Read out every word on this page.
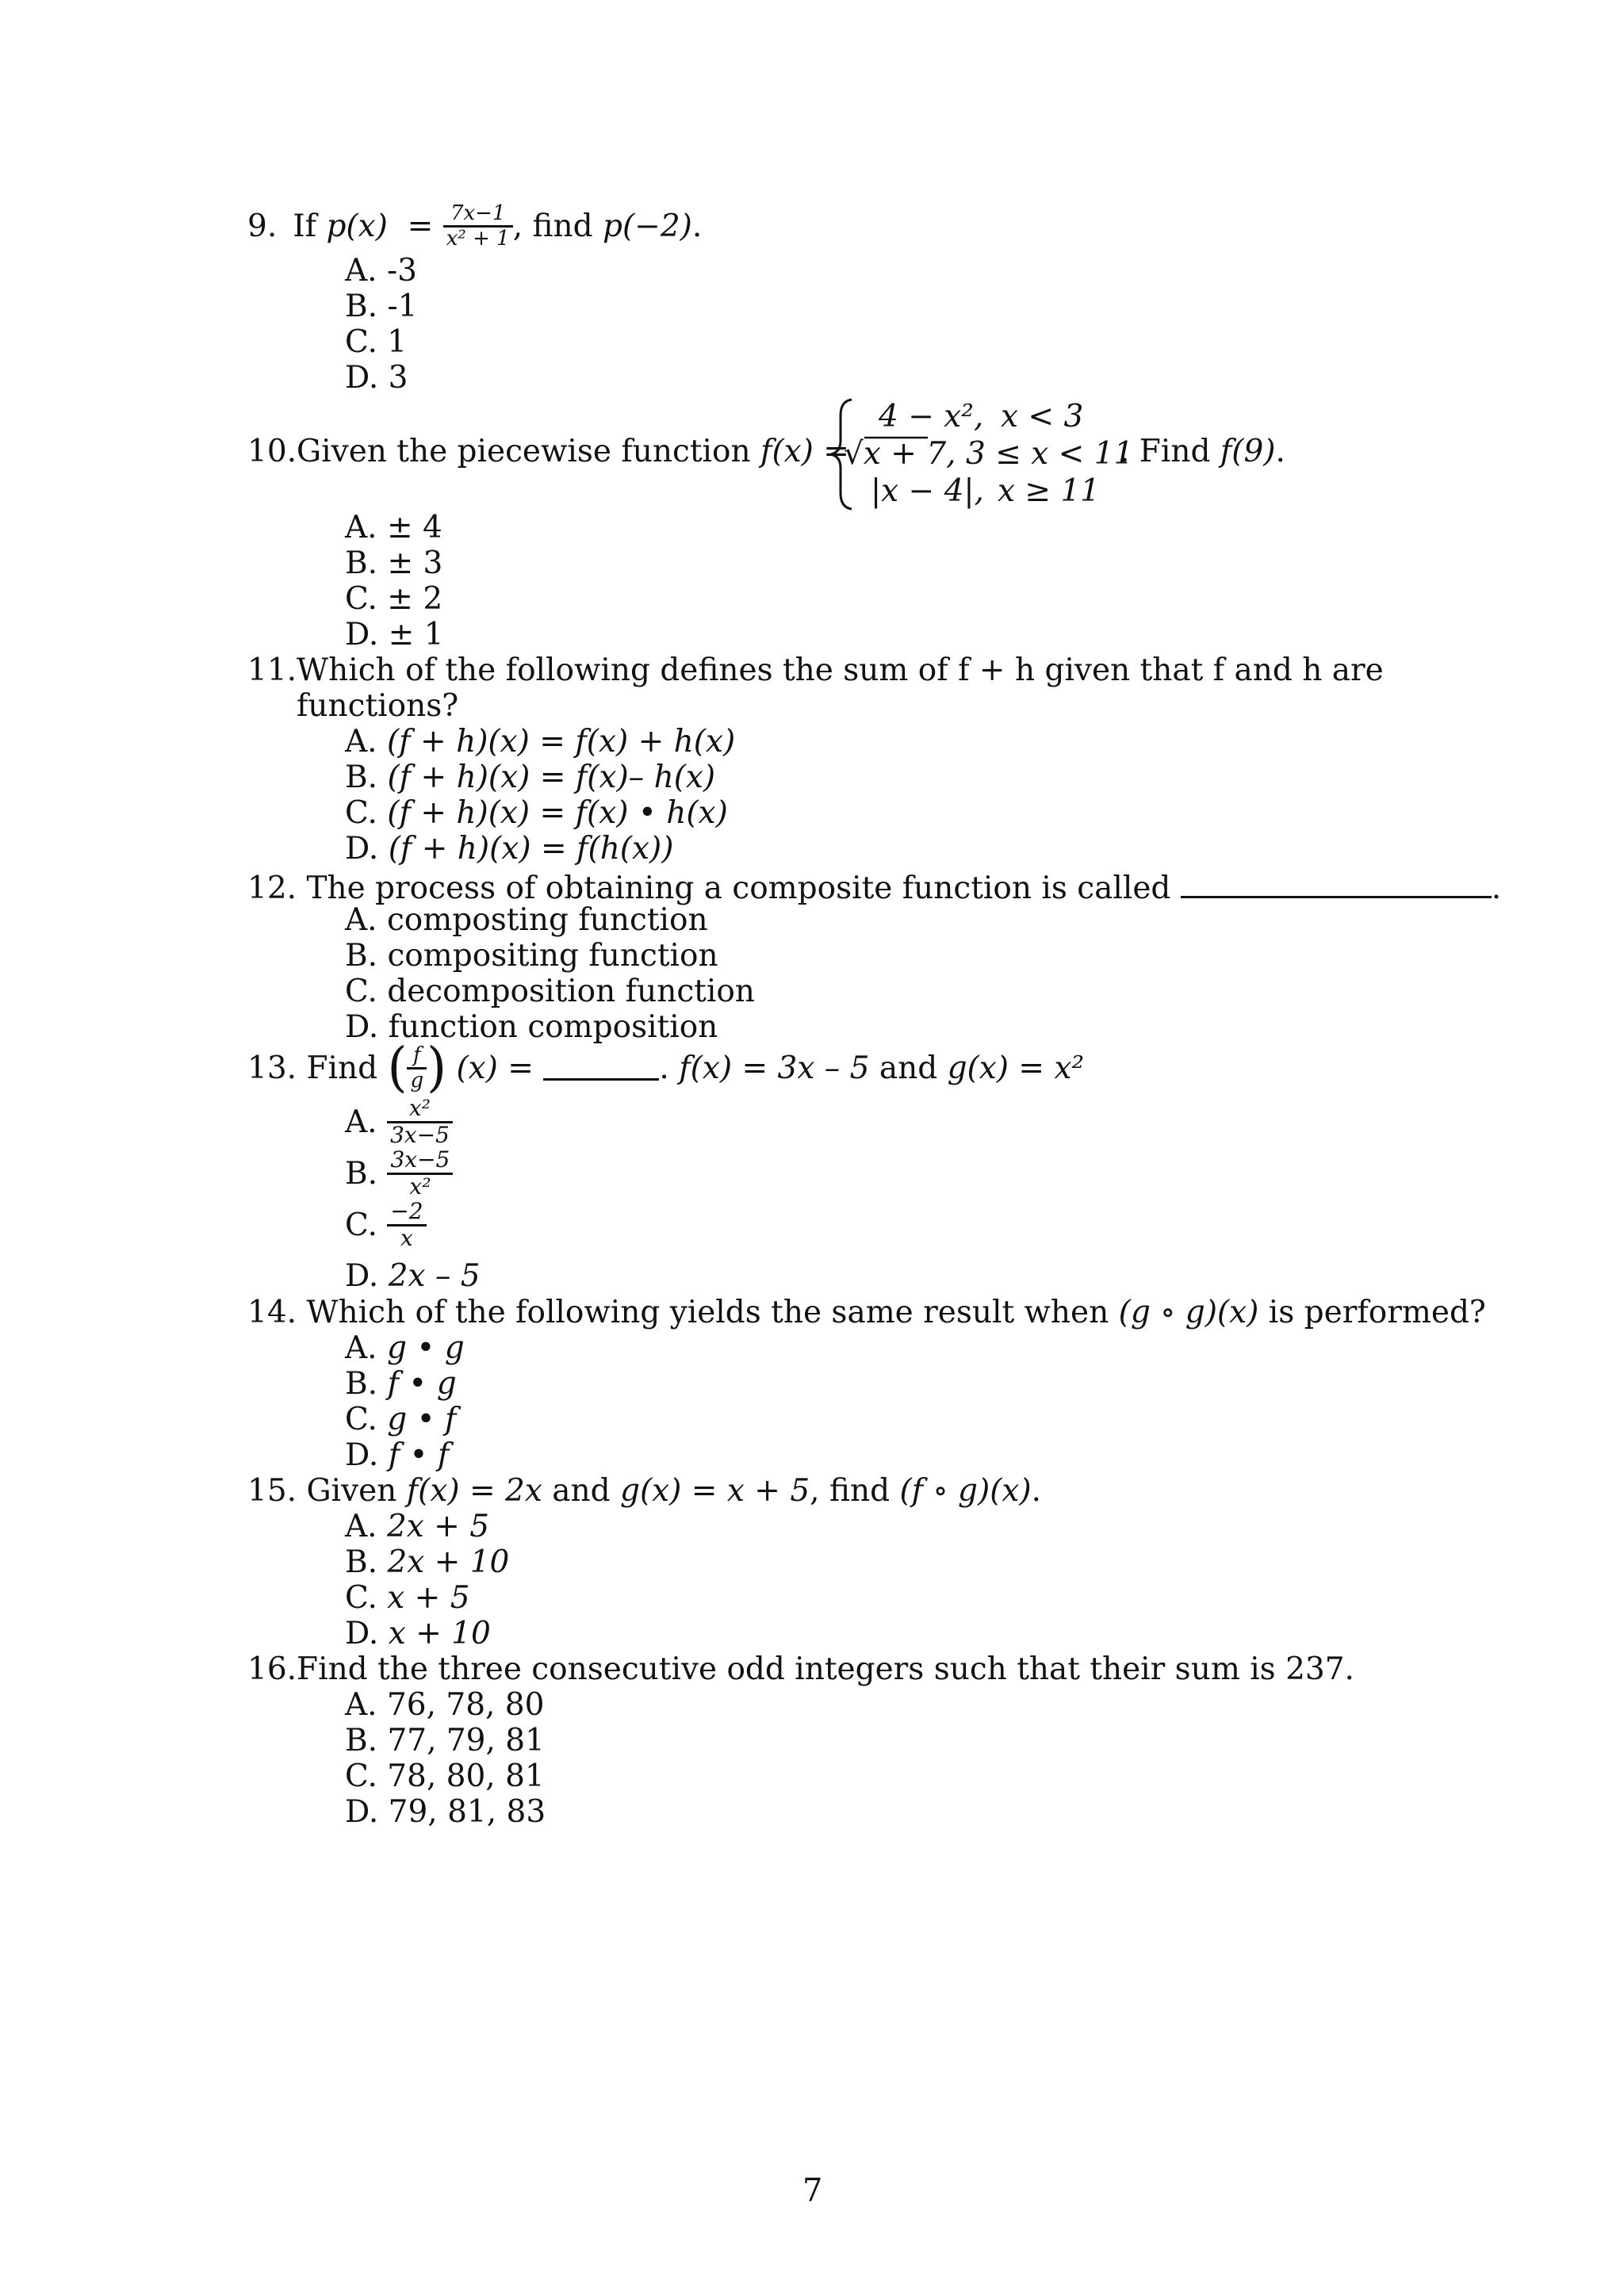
9. If
p(x)
=
$\frac{7x-1}{\text{x² + 1}}$ , find
p(−2) .
A. -3
B. -1
C. 1
D. 3
10.Given the piecewise function f(x) =
4 − x², x < 3
√x + 7, 3 ≤ x < 11
|x − 4|, x ≥ 11
. Find f(9).
A. ± 4
B. ± 3
C. ± 2
D. ± 1
11.Which of the following defines the sum of f + h given that f and h are
functions?
A. (f + h)(x) = f(x) + h(x)
B. (f + h)(x) = f(x)– h(x)
C. (f + h)(x) = f(x) • h(x)
D. (f + h)(x) = f(h(x))
12. The process of obtaining a composite function is called	.
A. composting function
B. compositing function
C. decomposition function
D. function composition
13.
Find
( $\frac{f}{g}$ )
(x) =
	.
f(x) = 3x – 5
and
g(x) = x²
A.
$\frac{\text{x²}}{3x-5}$
B.
$\frac{3x-5}{\text{x²}}$
C.
$\frac{-2}{x}$
D. 2x – 5
14. Which of the following yields the same result when (g ∘ g)(x) is performed?
A. g • g
B. f • g
C. g • f
D. f • f
15. Given f(x) = 2x and g(x) = x + 5, find (f ∘ g)(x).
A. 2x + 5
B. 2x + 10
C. x + 5
D. x + 10
16.Find the three consecutive odd integers such that their sum is 237.
A. 76, 78, 80
B. 77, 79, 81
C. 78, 80, 81
D. 79, 81, 83
7
